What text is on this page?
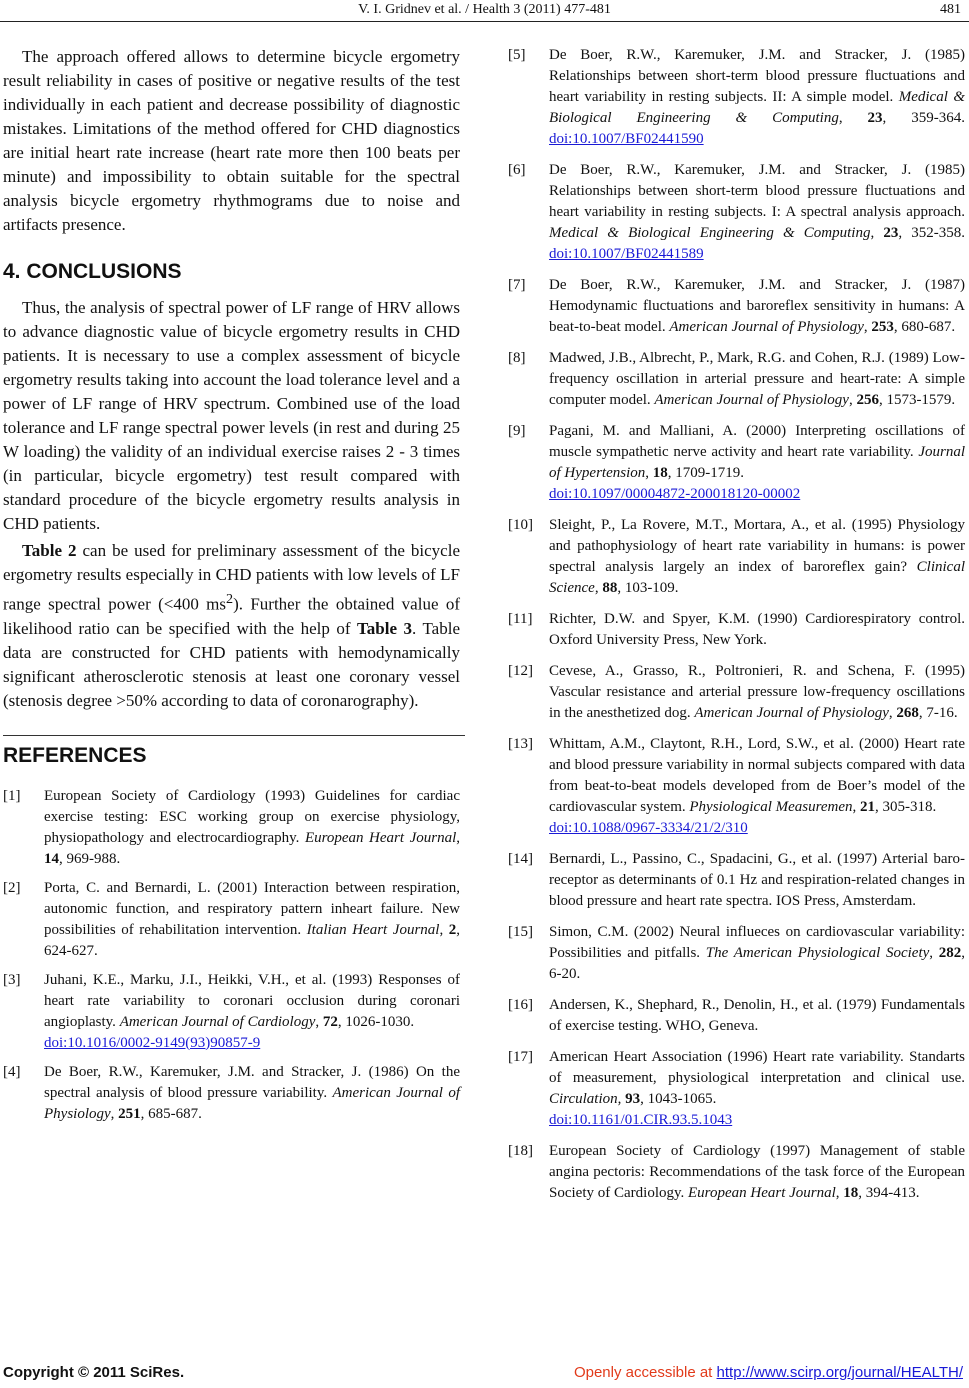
V. I. Gridnev et al. / Health 3 (2011) 477-481	481

The approach offered allows to determine bicycle ergometry result reliability in cases of positive or negative results of the test individually in each patient and decrease possibility of diagnostic mistakes. Limitations of the method offered for CHD diagnostics are initial heart rate increase (heart rate more then 100 beats per minute) and impossibility to obtain suitable for the spectral analysis bicycle ergometry rhythmograms due to noise and artifacts presence.

4. CONCLUSIONS

Thus, the analysis of spectral power of LF range of HRV allows to advance diagnostic value of bicycle ergometry results in CHD patients. It is necessary to use a complex assessment of bicycle ergometry results taking into account the load tolerance level and a power of LF range of HRV spectrum. Combined use of the load tolerance and LF range spectral power levels (in rest and during 25 W loading) the validity of an individual exercise raises 2 - 3 times (in particular, bicycle ergometry) test result compared with standard procedure of the bicycle ergometry results analysis in CHD patients.

Table 2 can be used for preliminary assessment of the bicycle ergometry results especially in CHD patients with low levels of LF range spectral power (<400 $ms^2$). Further the obtained value of likelihood ratio can be specified with the help of Table 3. Table data are constructed for CHD patients with hemodynamically significant atherosclerotic stenosis at least one coronary vessel (stenosis degree >50% according to data of coronarography).

REFERENCES
[1]	European Society of Cardiology (1993) Guidelines for cardiac exercise testing: ESC working group on exercise physiology, physiopathology and electrocardiography. European Heart Journal, 14, 969-988.
[2]	Porta, C. and Bernardi, L. (2001) Interaction between respiration, autonomic function, and respiratory pattern inheart failure. New possibilities of rehabilitation intervention. Italian Heart Journal, 2, 624-627.
[3]	Juhani, K.E., Marku, J.I., Heikki, V.H., et al. (1993) Responses of heart rate variability to coronari occlusion during coronari angioplasty. American Journal of Cardiology, 72, 1026-1030.
doi:10.1016/0002-9149(93)90857-9
[4]	De Boer, R.W., Karemuker, J.M. and Stracker, J. (1986) On the spectral analysis of blood pressure variability. American Journal of Physiology, 251, 685-687.
[5]	De Boer, R.W., Karemuker, J.M. and Stracker, J. (1985) Relationships between short-term blood pressure fluctuations and heart variability in resting subjects. II: A simple model. Medical & Biological Engineering & Computing, 23, 359-364. doi:10.1007/BF02441590
[6]	De Boer, R.W., Karemuker, J.M. and Stracker, J. (1985) Relationships between short-term blood pressure fluctuations and heart variability in resting subjects. I: A spectral analysis approach. Medical & Biological Engineering & Computing, 23, 352-358. doi:10.1007/BF02441589
[7]	De Boer, R.W., Karemuker, J.M. and Stracker, J. (1987) Hemodynamic fluctuations and baroreflex sensitivity in humans: A beat-to-beat model. American Journal of Physiology, 253, 680-687.
[8]	Madwed, J.B., Albrecht, P., Mark, R.G. and Cohen, R.J. (1989) Low-frequency oscillation in arterial pressure and heart-rate: A simple computer model. American Journal of Physiology, 256, 1573-1579.
[9]	Pagani, M. and Malliani, A. (2000) Interpreting oscillations of muscle sympathetic nerve activity and heart rate variability. Journal of Hypertension, 18, 1709-1719.
doi:10.1097/00004872-200018120-00002
[10]	Sleight, P., La Rovere, M.T., Mortara, A., et al. (1995) Physiology and pathophysiology of heart rate variability in humans: is power spectral analysis largely an index of baroreflex gain? Clinical Science, 88, 103-109.
[11]	Richter, D.W. and Spyer, K.M. (1990) Cardiorespiratory control. Oxford University Press, New York.
[12]	Cevese, A., Grasso, R., Poltronieri, R. and Schena, F. (1995) Vascular resistance and arterial pressure low-frequency oscillations in the anesthetized dog. American Journal of Physiology, 268, 7-16.
[13]	Whittam, A.M., Claytont, R.H., Lord, S.W., et al. (2000) Heart rate and blood pressure variability in normal subjects compared with data from beat-to-beat models developed from de Boer’s model of the cardiovascular system. Physiological Measuremen, 21, 305-318.
doi:10.1088/0967-3334/21/2/310
[14]	Bernardi, L., Passino, C., Spadacini, G., et al. (1997) Arterial baro-receptor as determinants of 0.1 Hz and respiration-related changes in blood pressure and heart rate spectra. IOS Press, Amsterdam.
[15]	Simon, C.M. (2002) Neural influeces on cardiovascular variability: Possibilities and pitfalls. The American Physiological Society, 282, 6-20.
[16]	Andersen, K., Shephard, R., Denolin, H., et al. (1979) Fundamentals of exercise testing. WHO, Geneva.
[17]	American Heart Association (1996) Heart rate variability. Standarts of measurement, physiological interpretation and clinical use. Circulation, 93, 1043-1065.
doi:10.1161/01.CIR.93.5.1043
[18]	European Society of Cardiology (1997) Management of stable angina pectoris: Recommendations of the task force of the European Society of Cardiology. European Heart Journal, 18, 394-413.
Copyright © 2011 SciRes.	Openly accessible at http://www.scirp.org/journal/HEALTH/
